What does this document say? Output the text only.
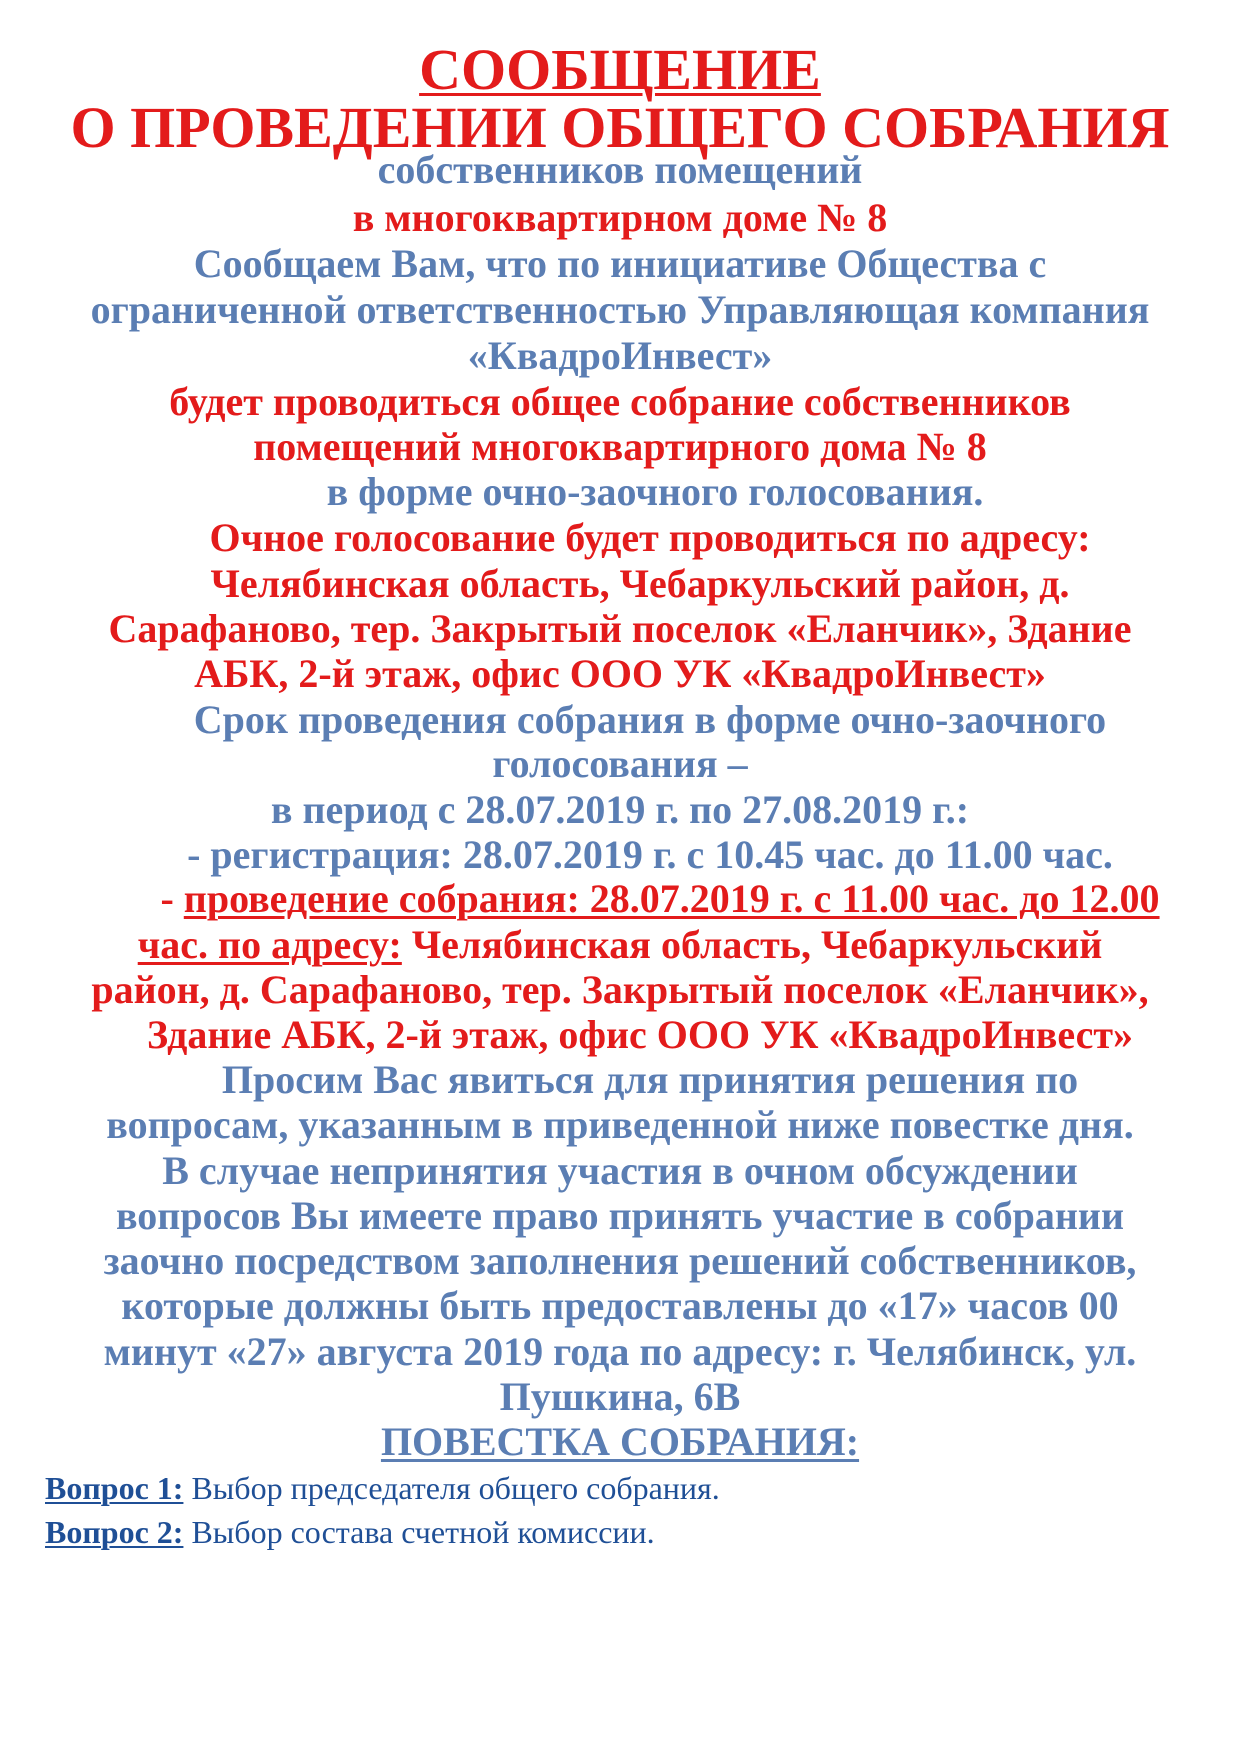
СООБЩЕНИЕ
О ПРОВЕДЕНИИ ОБЩЕГО СОБРАНИЯ
собственников помещений
в многоквартирном доме № 8
Сообщаем Вам, что по инициативе Общества с
ограниченной ответственностью Управляющая компания
«КвадроИнвест»
будет проводиться общее собрание собственников
помещений многоквартирного дома № 8
в форме очно-заочного голосования.
Очное голосование будет проводиться по адресу:
Челябинская область, Чебаркульский район, д.
Сарафаново, тер. Закрытый поселок «Еланчик», Здание
АБК, 2-й этаж, офис ООО УК «КвадроИнвест»
Срок проведения собрания в форме очно-заочного
голосования –
в период с 28.07.2019 г. по 27.08.2019 г.:
- регистрация: 28.07.2019 г. с 10.45 час. до 11.00 час.
- проведение собрания: 28.07.2019 г. с 11.00 час. до 12.00
час. по адресу: Челябинская область, Чебаркульский
район, д. Сарафаново, тер. Закрытый поселок «Еланчик»,
Здание АБК, 2-й этаж, офис ООО УК «КвадроИнвест»
Просим Вас явиться для принятия решения по
вопросам, указанным в приведенной ниже повестке дня.
В случае непринятия участия в очном обсуждении
вопросов Вы имеете право принять участие в собрании
заочно посредством заполнения решений собственников,
которые должны быть предоставлены до «17» часов 00
минут «27» августа 2019 года по адресу: г. Челябинск, ул.
Пушкина, 6В
ПОВЕСТКА СОБРАНИЯ:
Вопрос 1: Выбор председателя общего собрания.
Вопрос 2: Выбор состава счетной комиссии.
